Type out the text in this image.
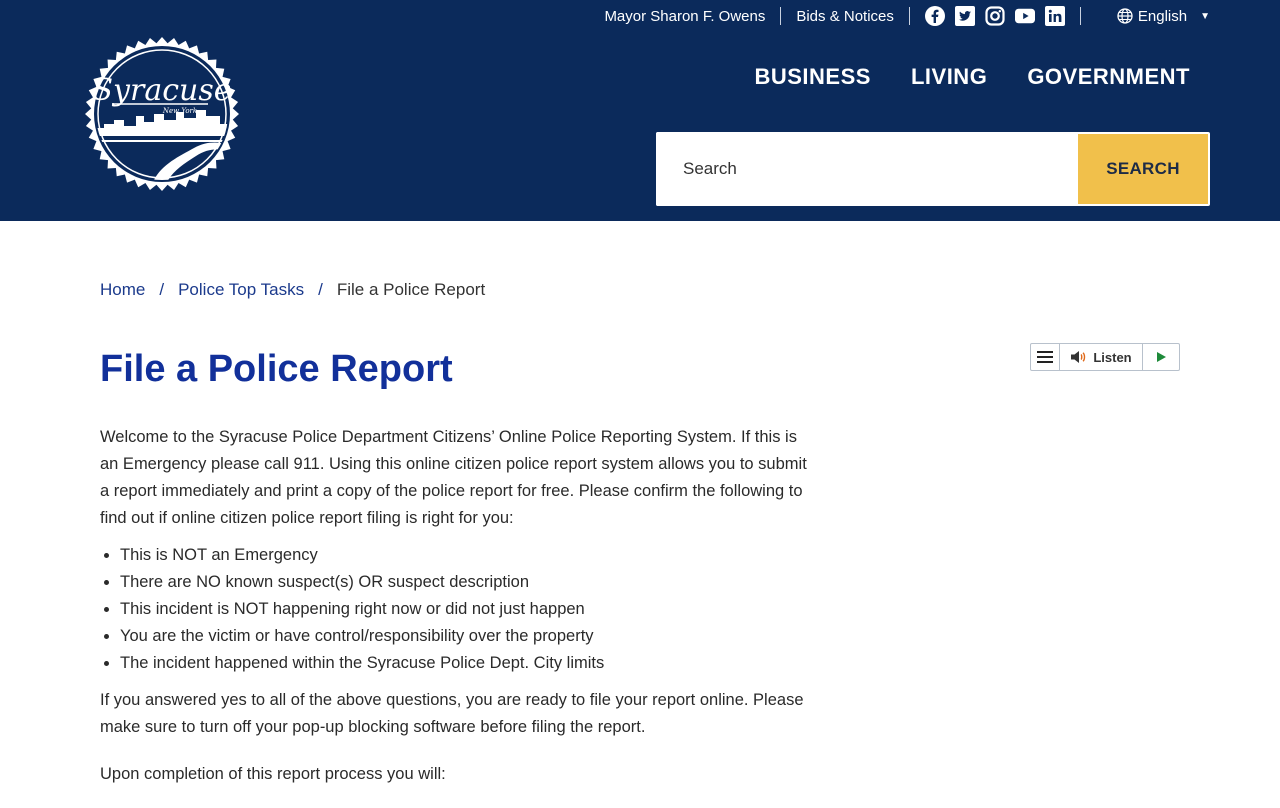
Mayor Sharon F. Owens	Bids & Notices	English ▼
Syracuse
New York
BUSINESS LIVING GOVERNMENT
Search
SEARCH
Home / Police Top Tasks / File a Police Report
File a Police Report	Listen

Welcome to the Syracuse Police Department Citizens’ Online Police Reporting System. If this is an Emergency please call 911. Using this online citizen police report system allows you to submit a report immediately and print a copy of the police report for free. Please confirm the following to find out if online citizen police report filing is right for you:

• This is NOT an Emergency
• There are NO known suspect(s) OR suspect description
• This incident is NOT happening right now or did not just happen
• You are the victim or have control/responsibility over the property
• The incident happened within the Syracuse Police Dept. City limits

If you answered yes to all of the above questions, you are ready to file your report online. Please make sure to turn off your pop-up blocking software before filing the report.

Upon completion of this report process you will:
